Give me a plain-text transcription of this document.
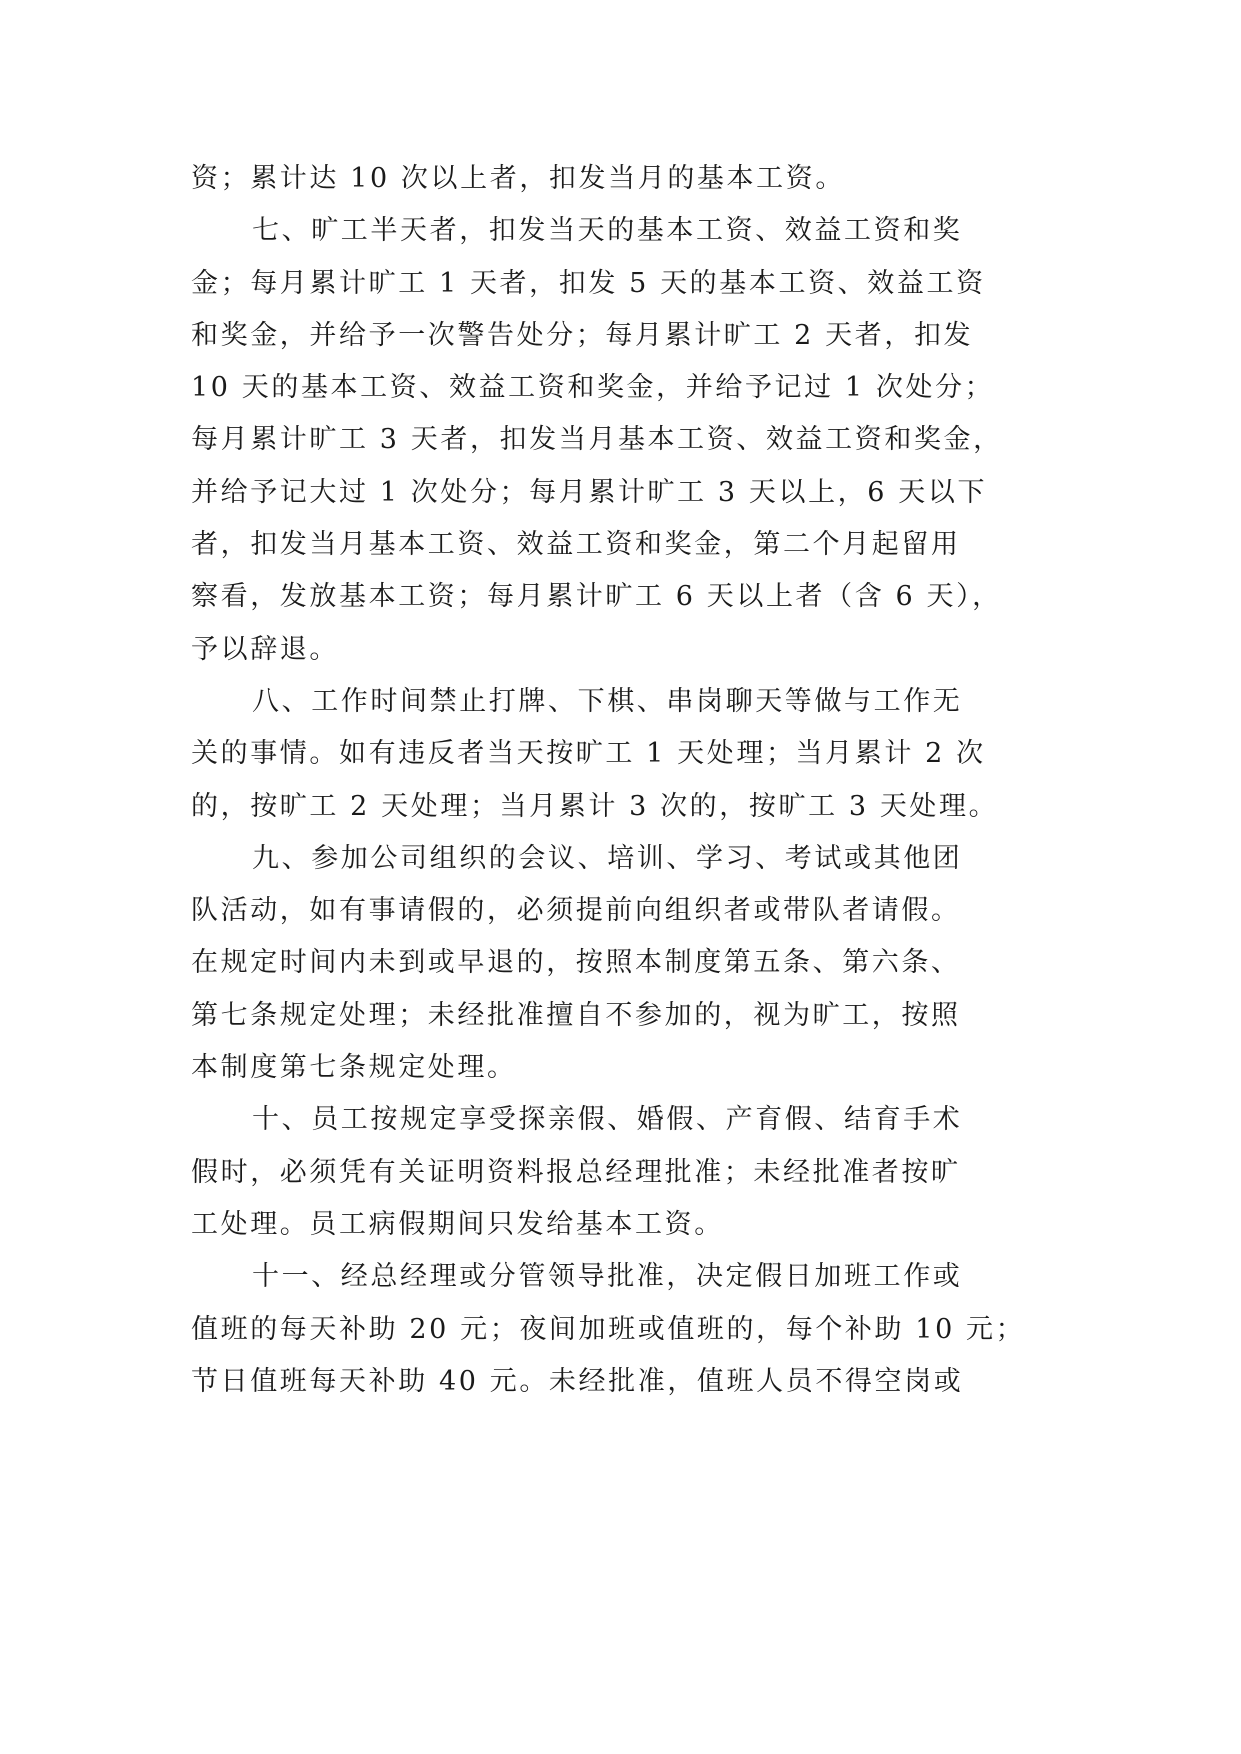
资；累计达 10 次以上者，扣发当月的基本工资。
七、旷工半天者，扣发当天的基本工资、效益工资和奖
金；每月累计旷工 1 天者，扣发 5 天的基本工资、效益工资
和奖金，并给予一次警告处分；每月累计旷工 2 天者，扣发
10 天的基本工资、效益工资和奖金，并给予记过 1 次处分；
每月累计旷工 3 天者，扣发当月基本工资、效益工资和奖金，
并给予记大过 1 次处分；每月累计旷工 3 天以上，6 天以下
者，扣发当月基本工资、效益工资和奖金，第二个月起留用
察看，发放基本工资；每月累计旷工 6 天以上者（含 6 天），
予以辞退。
八、工作时间禁止打牌、下棋、串岗聊天等做与工作无
关的事情。如有违反者当天按旷工 1 天处理；当月累计 2 次
的，按旷工 2 天处理；当月累计 3 次的，按旷工 3 天处理。
九、参加公司组织的会议、培训、学习、考试或其他团
队活动，如有事请假的，必须提前向组织者或带队者请假。
在规定时间内未到或早退的，按照本制度第五条、第六条、
第七条规定处理；未经批准擅自不参加的，视为旷工，按照
本制度第七条规定处理。
十、员工按规定享受探亲假、婚假、产育假、结育手术
假时，必须凭有关证明资料报总经理批准；未经批准者按旷
工处理。员工病假期间只发给基本工资。
十一、经总经理或分管领导批准，决定假日加班工作或
值班的每天补助 20 元；夜间加班或值班的，每个补助 10 元；
节日值班每天补助 40 元。未经批准，值班人员不得空岗或
